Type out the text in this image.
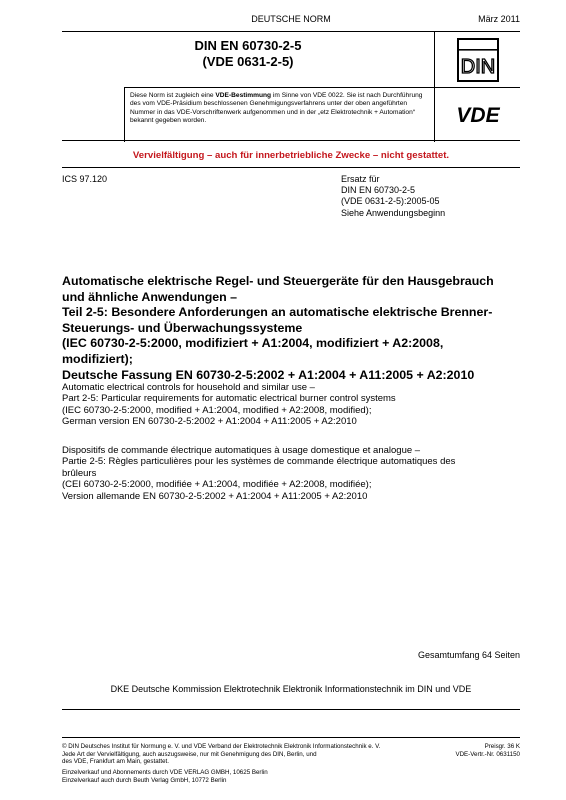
DEUTSCHE NORM	März 2011
DIN EN 60730-2-5
(VDE 0631-2-5)	DIN
VDE
Diese Norm ist zugleich eine VDE-Bestimmung im Sinne von VDE 0022. Sie ist nach Durchführung des vom VDE-Präsidium beschlossenen Genehmigungsverfahrens unter der oben angeführten Nummer in das VDE-Vorschriftenwerk aufgenommen und in der „etz Elektrotechnik + Automation“ bekannt gegeben worden.
Vervielfältigung – auch für innerbetriebliche Zwecke – nicht gestattet.
ICS 97.120	Ersatz für
DIN EN 60730-2-5
(VDE 0631-2-5):2005-05
Siehe Anwendungsbeginn
Automatische elektrische Regel- und Steuergeräte für den Hausgebrauch
und ähnliche Anwendungen –
Teil 2-5: Besondere Anforderungen an automatische elektrische Brenner-
Steuerungs- und Überwachungssysteme
(IEC 60730-2-5:2000, modifiziert + A1:2004, modifiziert + A2:2008,
modifiziert);
Deutsche Fassung EN 60730-2-5:2002 + A1:2004 + A11:2005 + A2:2010
Automatic electrical controls for household and similar use –
Part 2-5: Particular requirements for automatic electrical burner control systems
(IEC 60730-2-5:2000, modified + A1:2004, modified + A2:2008, modified);
German version EN 60730-2-5:2002 + A1:2004 + A11:2005 + A2:2010
Dispositifs de commande électrique automatiques à usage domestique et analogue –
Partie 2-5: Règles particulières pour les systèmes de commande électrique automatiques des
brûleurs
(CEI 60730-2-5:2000, modifiée + A1:2004, modifiée + A2:2008, modifiée);
Version allemande EN 60730-2-5:2002 + A1:2004 + A11:2005 + A2:2010
Gesamtumfang 64 Seiten
DKE Deutsche Kommission Elektrotechnik Elektronik Informationstechnik im DIN und VDE
© DIN Deutsches Institut für Normung e. V. und VDE Verband der Elektrotechnik Elektronik Informationstechnik e. V.
Jede Art der Vervielfältigung, auch auszugsweise, nur mit Genehmigung des DIN, Berlin, und
des VDE, Frankfurt am Main, gestattet.
Preisgr. 36 K
VDE-Vertr.-Nr. 0631150
Einzelverkauf und Abonnements durch VDE VERLAG GMBH, 10625 Berlin
Einzelverkauf auch durch Beuth Verlag GmbH, 10772 Berlin
